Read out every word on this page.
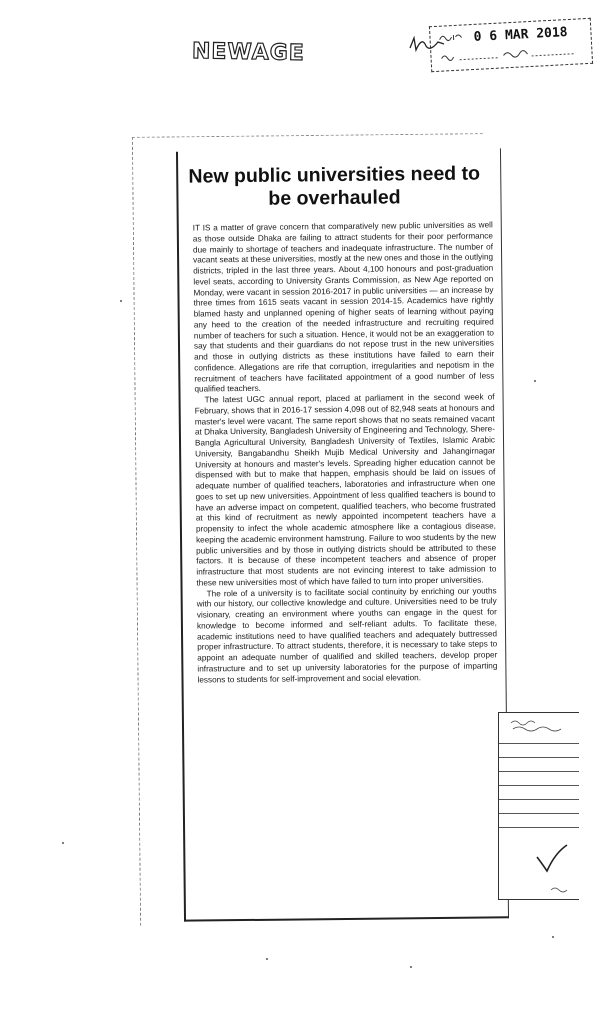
NEWAGE
0 6 MAR 2018
New public universities need to be overhauled

IT IS a matter of grave concern that comparatively new public universities as well as those outside Dhaka are failing to attract students for their poor performance due mainly to shortage of teachers and inadequate infrastructure. The number of vacant seats at these universities, mostly at the new ones and those in the outlying districts, tripled in the last three years. About 4,100 honours and post-graduation level seats, according to University Grants Commission, as New Age reported on Monday, were vacant in session 2016-2017 in public universities — an increase by three times from 1615 seats vacant in session 2014-15. Academics have rightly blamed hasty and unplanned opening of higher seats of learning without paying any heed to the creation of the needed infrastructure and recruiting required number of teachers for such a situation. Hence, it would not be an exaggeration to say that students and their guardians do not repose trust in the new universities and those in outlying districts as these institutions have failed to earn their confidence. Allegations are rife that corruption, irregularities and nepotism in the recruitment of teachers have facilitated appointment of a good number of less qualified teachers.

The latest UGC annual report, placed at parliament in the second week of February, shows that in 2016-17 session 4,098 out of 82,948 seats at honours and master's level were vacant. The same report shows that no seats remained vacant at Dhaka University, Bangladesh University of Engineering and Technology, Shere-Bangla Agricultural University, Bangladesh University of Textiles, Islamic Arabic University, Bangabandhu Sheikh Mujib Medical University and Jahangirnagar University at honours and master's levels. Spreading higher education cannot be dispensed with but to make that happen, emphasis should be laid on issues of adequate number of qualified teachers, laboratories and infrastructure when one goes to set up new universities. Appointment of less qualified teachers is bound to have an adverse impact on competent, qualified teachers, who become frustrated at this kind of recruitment as newly appointed incompetent teachers have a propensity to infect the whole academic atmosphere like a contagious disease, keeping the academic environment hamstrung. Failure to woo students by the new public universities and by those in outlying districts should be attributed to these factors. It is because of these incompetent teachers and absence of proper infrastructure that most students are not evincing interest to take admission to these new universities most of which have failed to turn into proper universities.

The role of a university is to facilitate social continuity by enriching our youths with our history, our collective knowledge and culture. Universities need to be truly visionary, creating an environment where youths can engage in the quest for knowledge to become informed and self-reliant adults. To facilitate these, academic institutions need to have qualified teachers and adequately buttressed proper infrastructure. To attract students, therefore, it is necessary to take steps to appoint an adequate number of qualified and skilled teachers, develop proper infrastructure and to set up university laboratories for the purpose of imparting lessons to students for self-improvement and social elevation.
